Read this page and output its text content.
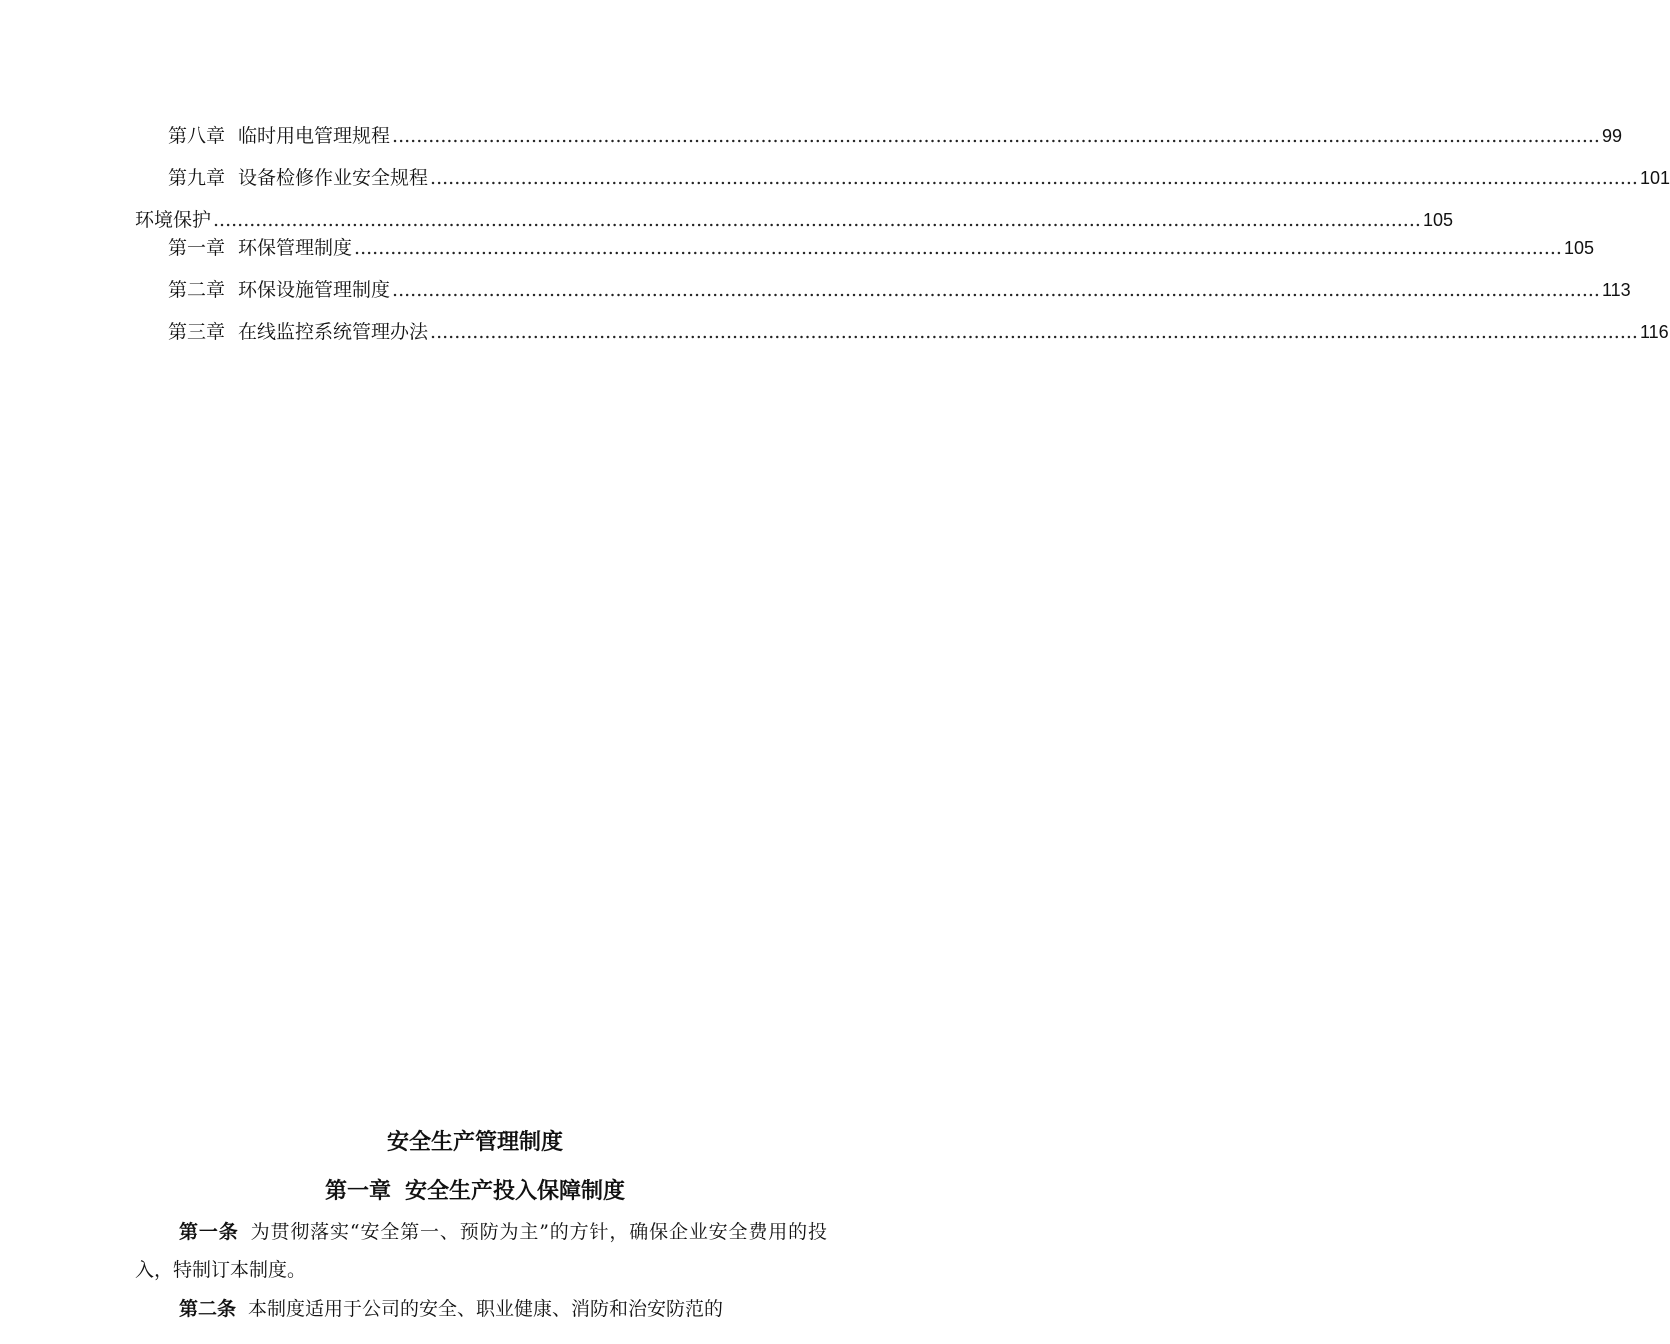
第八章 临时用电管理规程 ........................................................................................................................................................................................................ 99
第九章 设备检修作业安全规程 ........................................................................................................................................................................................................ 101
环境保护 ........................................................................................................................................................................................................ 105
第一章 环保管理制度 ........................................................................................................................................................................................................ 105
第二章 环保设施管理制度 ........................................................................................................................................................................................................ 113
第三章 在线监控系统管理办法 ........................................................................................................................................................................................................ 116
安全生产管理制度
第一章 安全生产投入保障制度
第一条 为贯彻落实“安全第一、预防为主”的方针，确保企业安全费用的投入，特制订本制度。
第二条 本制度适用于公司的安全、职业健康、消防和治安防范的
